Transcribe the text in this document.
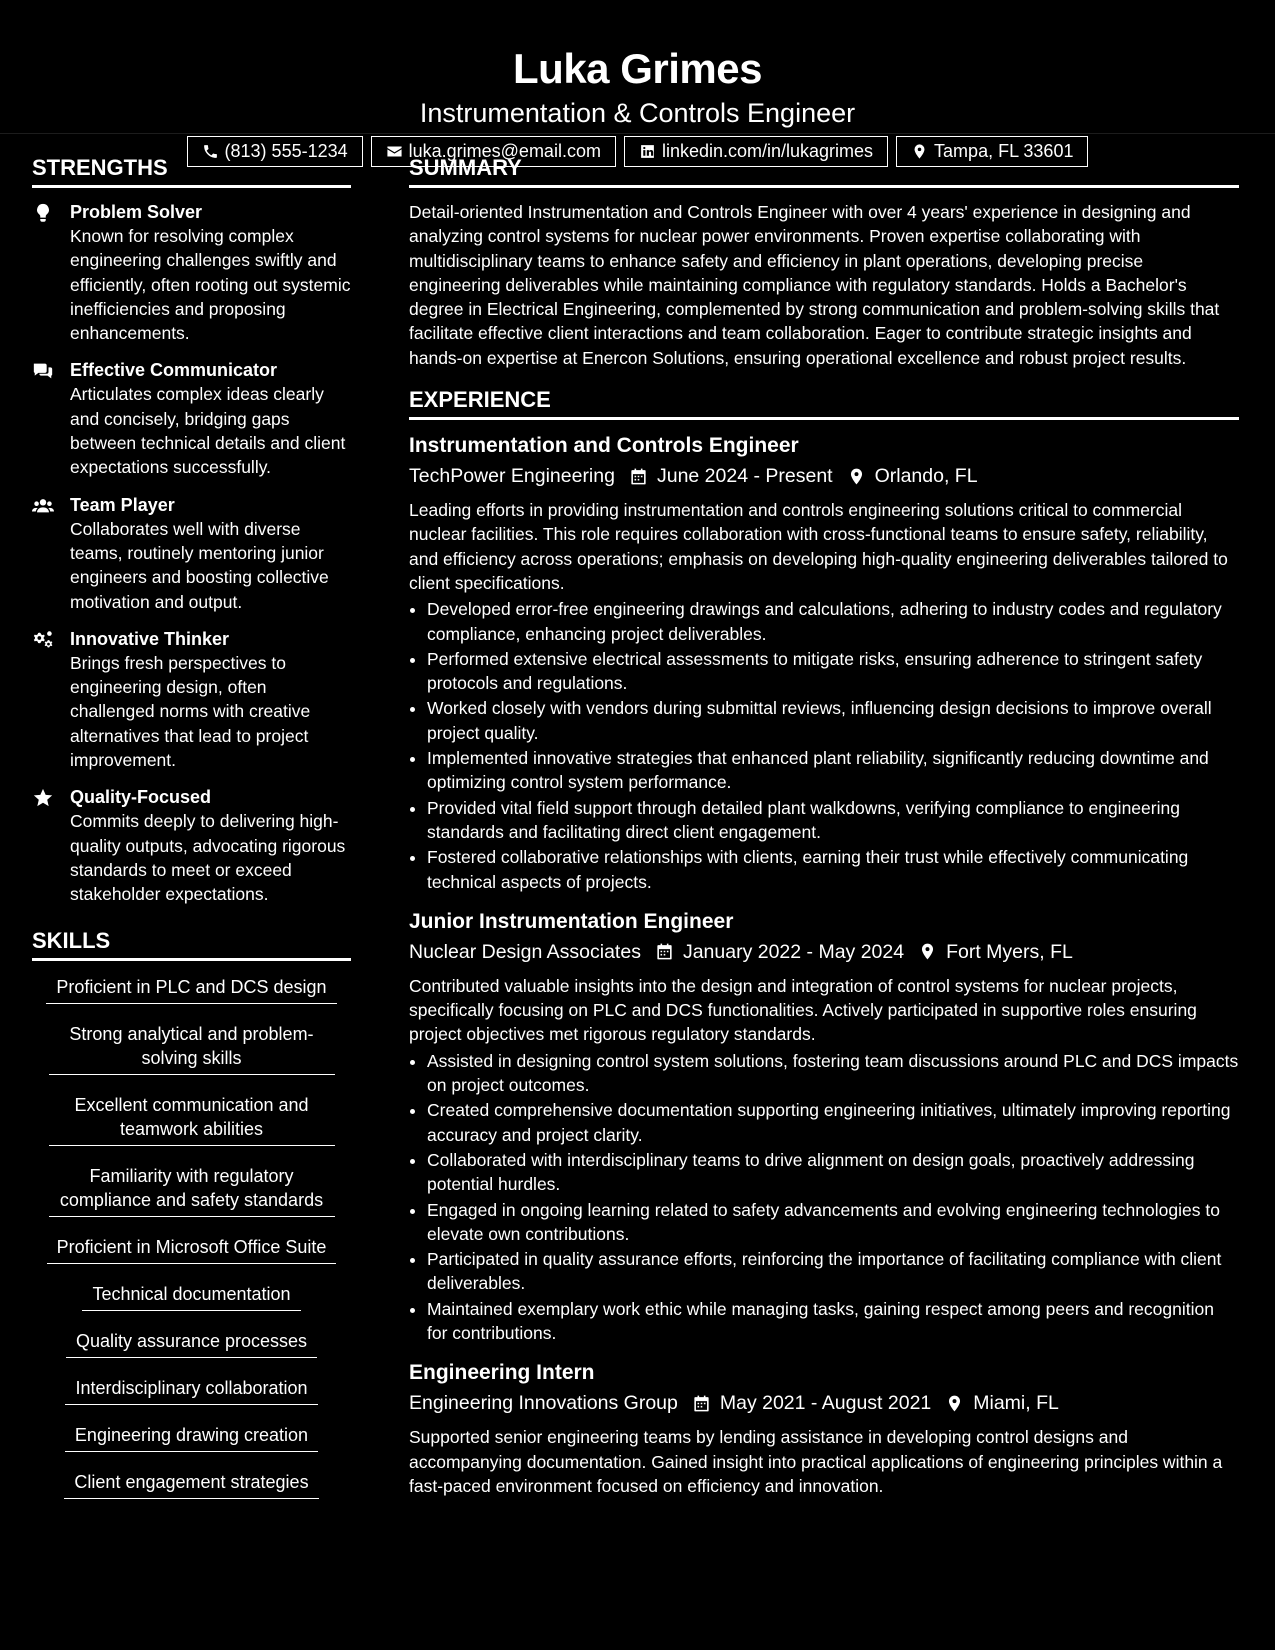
Luka Grimes
Instrumentation & Controls Engineer
(813) 555-1234	luka.grimes@email.com	linkedin.com/in/lukagrimes	Tampa, FL 33601
STRENGTHS
Problem Solver
Known for resolving complex engineering challenges swiftly and efficiently, often rooting out systemic inefficiencies and proposing enhancements.
Effective Communicator
Articulates complex ideas clearly and concisely, bridging gaps between technical details and client expectations successfully.
Team Player
Collaborates well with diverse teams, routinely mentoring junior engineers and boosting collective motivation and output.
Innovative Thinker
Brings fresh perspectives to engineering design, often challenged norms with creative alternatives that lead to project improvement.
Quality-Focused
Commits deeply to delivering high-quality outputs, advocating rigorous standards to meet or exceed stakeholder expectations.
SKILLS
Proficient in PLC and DCS design
Strong analytical and problem-solving skills
Excellent communication and teamwork abilities
Familiarity with regulatory compliance and safety standards
Proficient in Microsoft Office Suite
Technical documentation
Quality assurance processes
Interdisciplinary collaboration
Engineering drawing creation
Client engagement strategies
SUMMARY
Detail-oriented Instrumentation and Controls Engineer with over 4 years' experience in designing and analyzing control systems for nuclear power environments. Proven expertise collaborating with multidisciplinary teams to enhance safety and efficiency in plant operations, developing precise engineering deliverables while maintaining compliance with regulatory standards. Holds a Bachelor's degree in Electrical Engineering, complemented by strong communication and problem-solving skills that facilitate effective client interactions and team collaboration. Eager to contribute strategic insights and hands-on expertise at Enercon Solutions, ensuring operational excellence and robust project results.
EXPERIENCE
Instrumentation and Controls Engineer
TechPower Engineering June 2024 - Present Orlando, FL
Leading efforts in providing instrumentation and controls engineering solutions critical to commercial nuclear facilities. This role requires collaboration with cross-functional teams to ensure safety, reliability, and efficiency across operations; emphasis on developing high-quality engineering deliverables tailored to client specifications.
• Developed error-free engineering drawings and calculations, adhering to industry codes and regulatory compliance, enhancing project deliverables.
• Performed extensive electrical assessments to mitigate risks, ensuring adherence to stringent safety protocols and regulations.
• Worked closely with vendors during submittal reviews, influencing design decisions to improve overall project quality.
• Implemented innovative strategies that enhanced plant reliability, significantly reducing downtime and optimizing control system performance.
• Provided vital field support through detailed plant walkdowns, verifying compliance to engineering standards and facilitating direct client engagement.
• Fostered collaborative relationships with clients, earning their trust while effectively communicating technical aspects of projects.
Junior Instrumentation Engineer
Nuclear Design Associates January 2022 - May 2024 Fort Myers, FL
Contributed valuable insights into the design and integration of control systems for nuclear projects, specifically focusing on PLC and DCS functionalities. Actively participated in supportive roles ensuring project objectives met rigorous regulatory standards.
• Assisted in designing control system solutions, fostering team discussions around PLC and DCS impacts on project outcomes.
• Created comprehensive documentation supporting engineering initiatives, ultimately improving reporting accuracy and project clarity.
• Collaborated with interdisciplinary teams to drive alignment on design goals, proactively addressing potential hurdles.
• Engaged in ongoing learning related to safety advancements and evolving engineering technologies to elevate own contributions.
• Participated in quality assurance efforts, reinforcing the importance of facilitating compliance with client deliverables.
• Maintained exemplary work ethic while managing tasks, gaining respect among peers and recognition for contributions.
Engineering Intern
Engineering Innovations Group May 2021 - August 2021 Miami, FL
Supported senior engineering teams by lending assistance in developing control designs and accompanying documentation. Gained insight into practical applications of engineering principles within a fast-paced environment focused on efficiency and innovation.
